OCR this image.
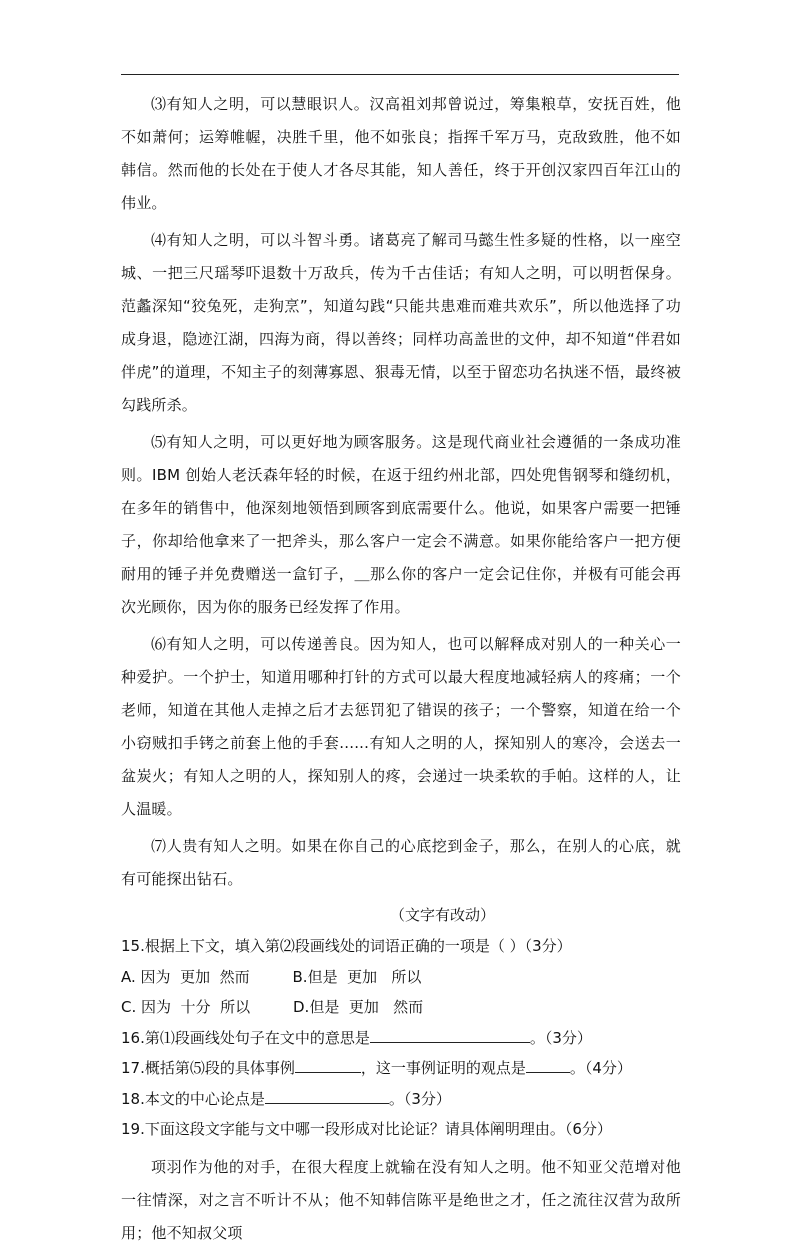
⑶有知人之明，可以慧眼识人。汉高祖刘邦曾说过，筹集粮草，安抚百姓，他不如萧何；运筹帷幄，决胜千里，他不如张良；指挥千军万马，克敌致胜，他不如韩信。然而他的长处在于使人才各尽其能，知人善任，终于开创汉家四百年江山的伟业。

⑷有知人之明，可以斗智斗勇。诸葛亮了解司马懿生性多疑的性格，以一座空城、一把三尺瑶琴吓退数十万敌兵，传为千古佳话；有知人之明，可以明哲保身。范蠡深知“狡兔死，走狗烹”，知道勾践“只能共患难而难共欢乐”，所以他选择了功成身退，隐迹江湖，四海为商，得以善终；同样功高盖世的文仲，却不知道“伴君如伴虎”的道理，不知主子的刻薄寡恩、狠毒无情，以至于留恋功名执迷不悟，最终被勾践所杀。

⑸有知人之明，可以更好地为顾客服务。这是现代商业社会遵循的一条成功准则。IBM 创始人老沃森年轻的时候，在返于纽约州北部，四处兜售钢琴和缝纫机，在多年的销售中，他深刻地领悟到顾客到底需要什么。他说，如果客户需要一把锤子，你却给他拿来了一把斧头，那么客户一定会不满意。如果你能给客户一把方便耐用的锤子并免费赠送一盒钉子，＿那么你的客户一定会记住你，并极有可能会再次光顾你，因为你的服务已经发挥了作用。

⑹有知人之明，可以传递善良。因为知人，也可以解释成对别人的一种关心一种爱护。一个护士，知道用哪种打针的方式可以最大程度地减轻病人的疼痛；一个老师，知道在其他人走掉之后才去惩罚犯了错误的孩子；一个警察，知道在给一个小窃贼扣手铐之前套上他的手套......有知人之明的人，探知别人的寒冷，会送去一盆炭火；有知人之明的人，探知别人的疼，会递过一块柔软的手帕。这样的人，让人温暖。

⑺人贵有知人之明。如果在你自己的心底挖到金子，那么，在别人的心底，就有可能探出钻石。

（文字有改动）

15.根据上下文，填入第⑵段画线处的词语正确的一项是（ ）（3分）

A. 因为  更加  然而         B.但是  更加   所以

C. 因为  十分  所以         D.但是  更加   然而

16.第⑴段画线处句子在文中的意思是	。（3分）

17.概括第⑸段的具体事例	，这一事例证明的观点是	。（4分）

18.本文的中心论点是	。（3分）

19.下面这段文字能与文中哪一段形成对比论证？请具体阐明理由。（6分）

项羽作为他的对手，在很大程度上就输在没有知人之明。他不知亚父范增对他一往情深，对之言不听计不从；他不知韩信陈平是绝世之才，任之流往汉营为敌所用；他不知叔父项
